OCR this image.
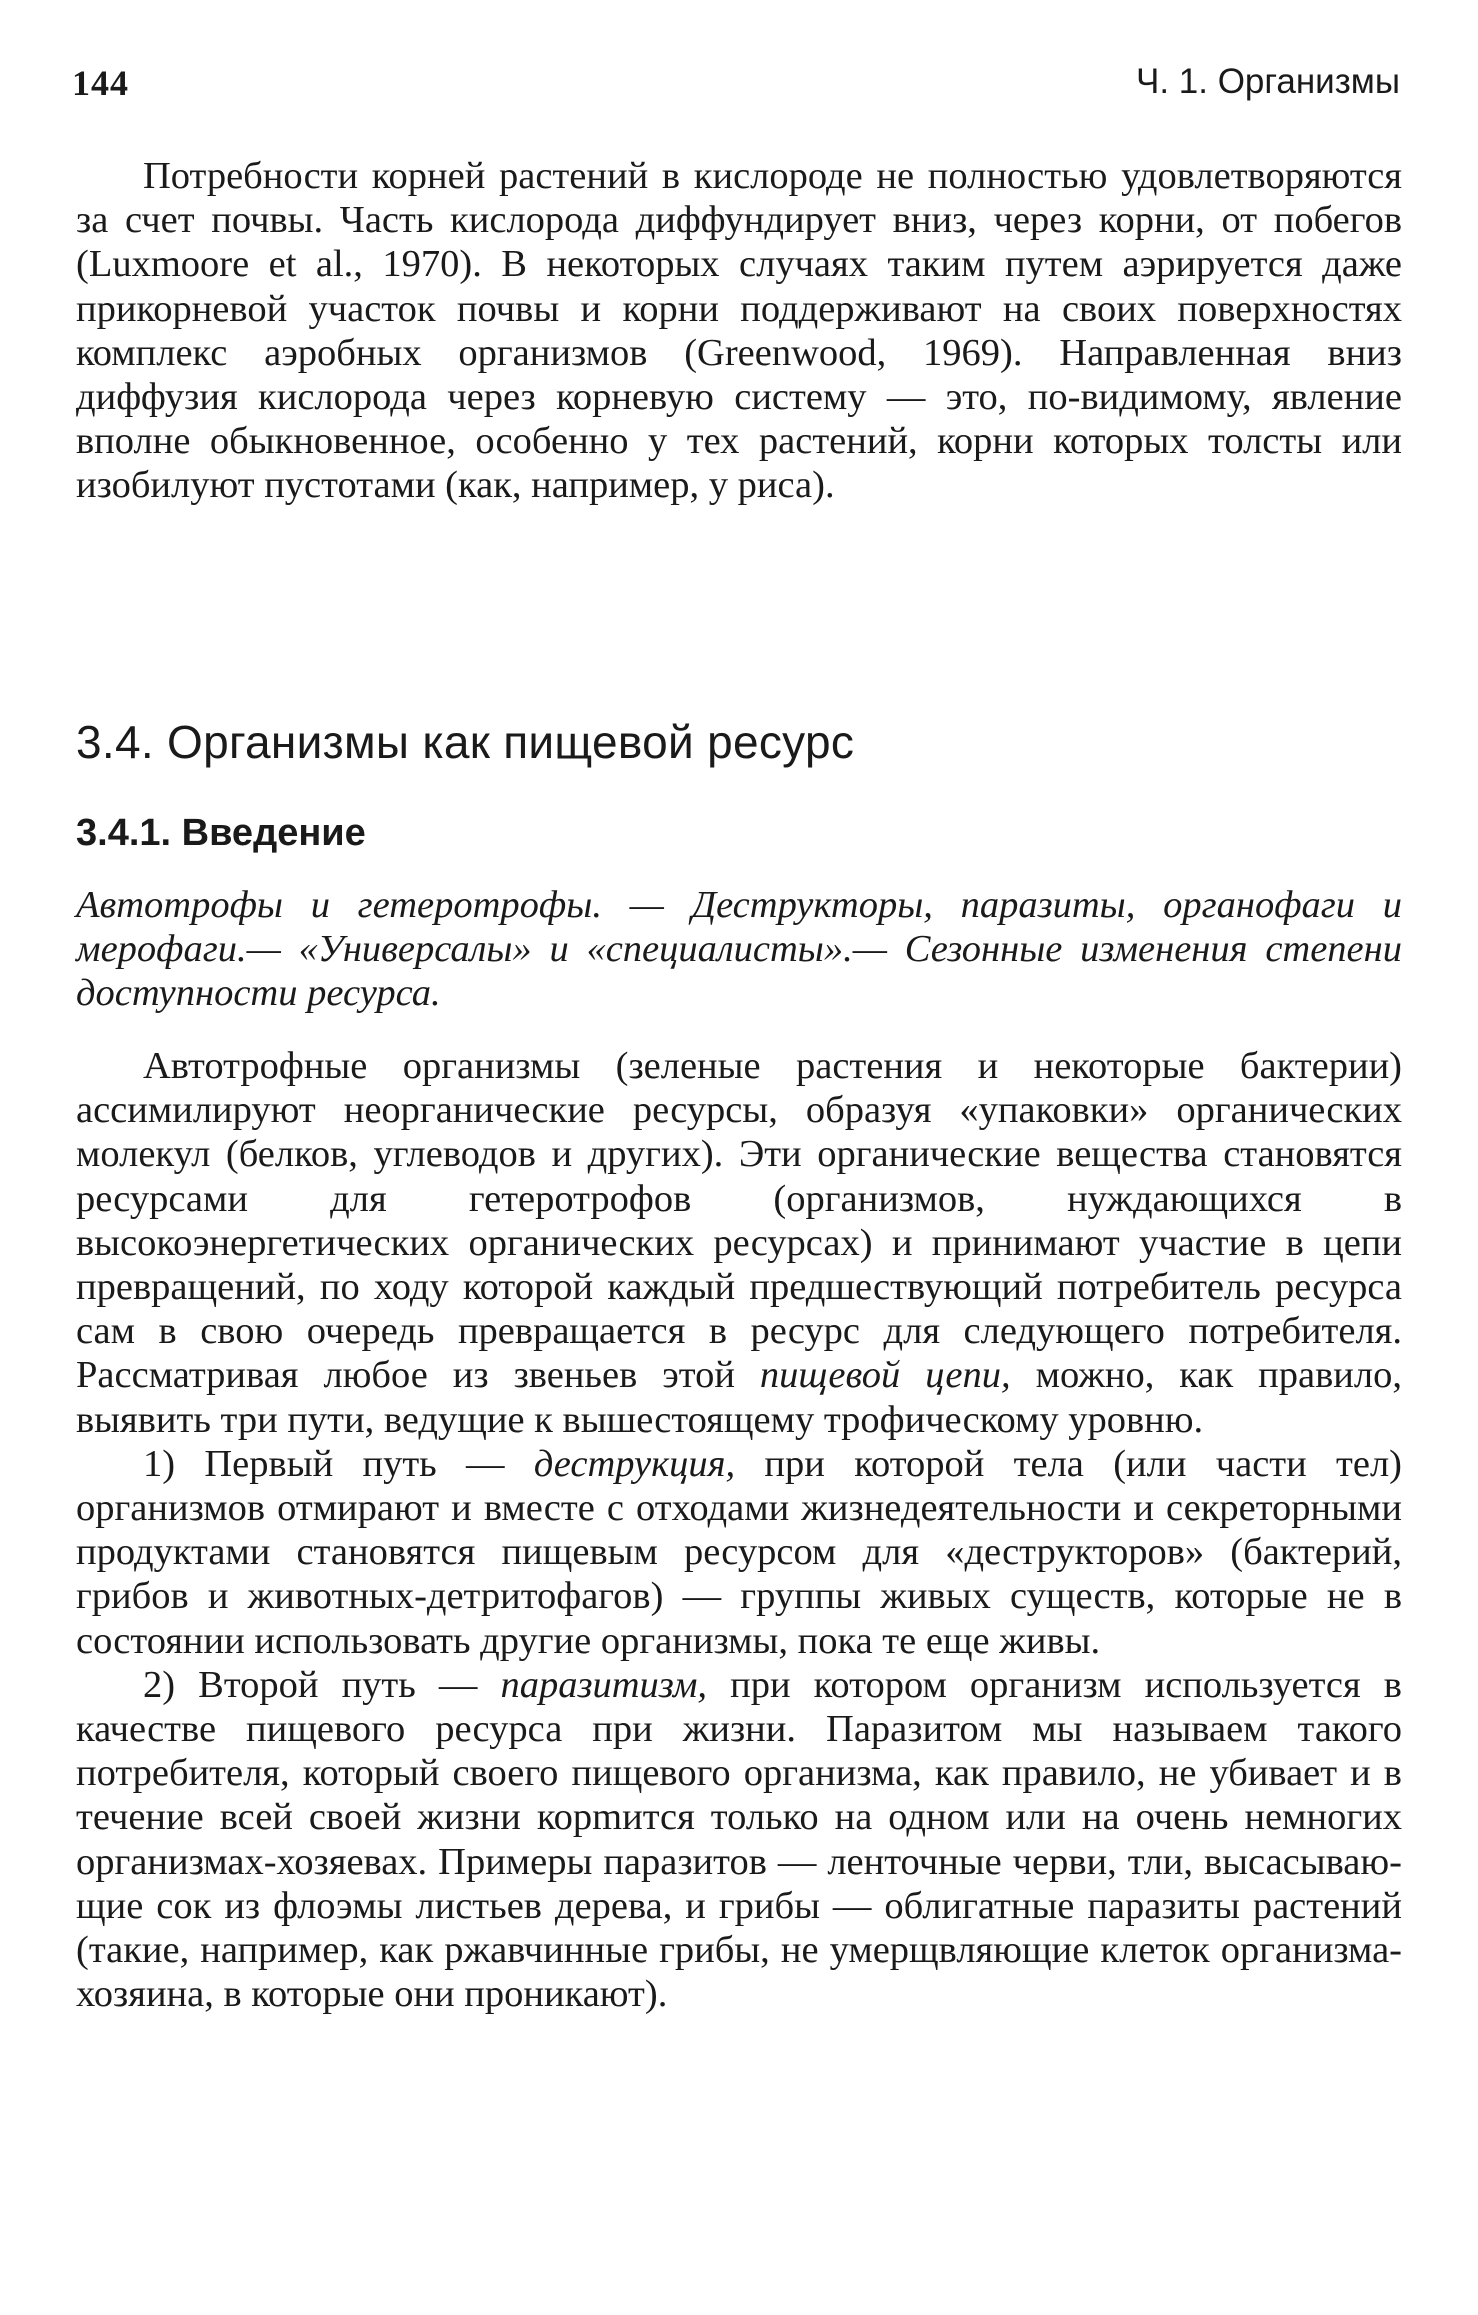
144	Ч. 1. Организмы

Потребности корней растений в кислороде не полностью удовлетворяются за счет почвы. Часть кислорода диффундирует вниз, через корни, от побегов (Luxmoore et al., 1970). В некоторых случаях таким путем аэрируется даже прикорневой участок почвы и корни поддерживают на своих поверхностях комплекс аэробных организмов (Greenwood, 1969). Направленная вниз диффузия кислорода через корневую систему — это, по-видимому, явление вполне обыкновенное, особенно у тех растений, корни которых толсты или изобилуют пустотами (как, например, у риса).

3.4. Организмы как пищевой ресурс
3.4.1. Введение
Автотрофы и гетеротрофы. — Деструкторы, паразиты, органофаги и мерофаги.— «Универсалы» и «специалисты».— Сезонные изменения степени доступности ресурса.

Автотрофные организмы (зеленые растения и некоторые бактерии) ассимилируют неорганические ресурсы, образуя «упаковки» органических молекул (белков, углеводов и других). Эти органические вещества становятся ресурсами для гетеротрофов (организмов, нуждающихся в высокоэнергетических органических ресурсах) и принимают участие в цепи превращений, по ходу которой каждый предшествующий потребитель ресурса сам в свою очередь превращается в ресурс для следующего потребителя. Рассматривая любое из звеньев этой пищевой цепи, можно, как правило, выявить три пути, ведущие к вышестоящему трофическому уровню.

1) Первый путь — деструкция, при которой тела (или части тел) организмов отмирают и вместе с отходами жизнедеятельности и секреторными продуктами становятся пищевым ресурсом для «деструкторов» (бактерий, грибов и животных-детритофагов) — группы живых существ, которые не в состоянии использовать другие организмы, пока те еще живы.

2) Второй путь — паразитизм, при котором организм используется в качестве пищевого ресурса при жизни. Паразитом мы называем такого потребителя, который своего пищевого организма, как правило, не убивает и в течение всей своей жизни корmится только на одном или на очень немногих организмах-хозяевах. Примеры паразитов — ленточные черви, тли, высасывающие сок из флоэмы листьев дерева, и грибы — облигатные паразиты растений (такие, например, как ржавчинные грибы, не умерщвляющие клеток организма-хозяина, в которые они проникают).
